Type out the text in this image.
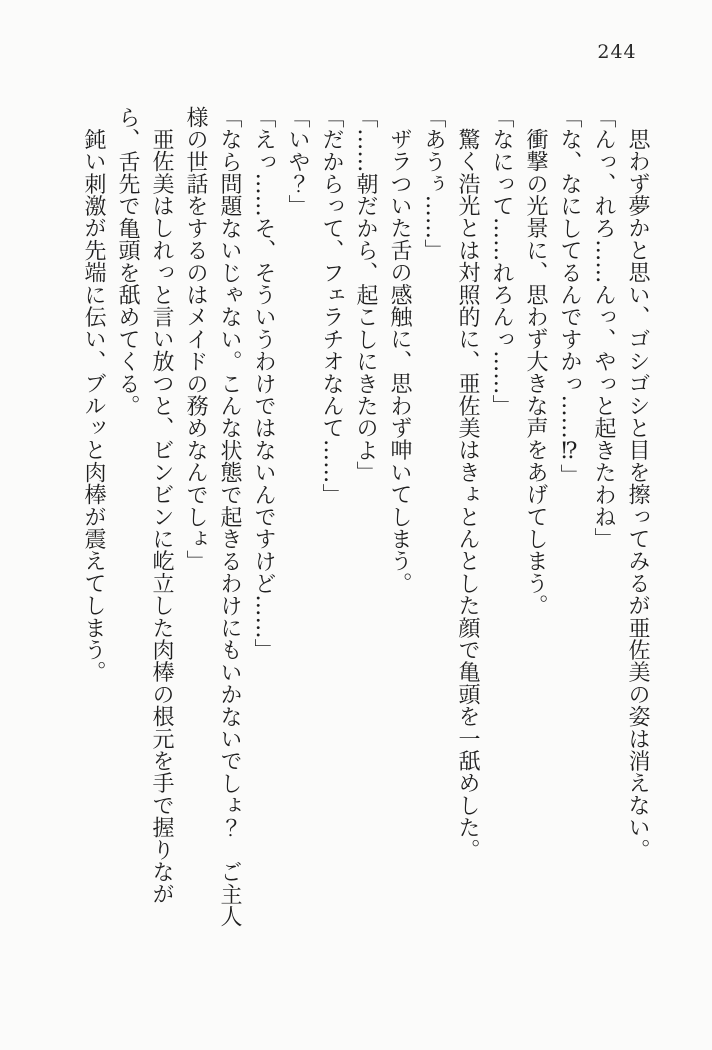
244

思わず夢かと思い、ゴシゴシと目を擦ってみるが亜佐美の姿は消えない。

「んっ、れろ……んっ、やっと起きたわね」

「な、なにしてるんですかっ……⁉」

衝撃の光景に、思わず大きな声をあげてしまう。

「なにって……れろんっ……」

驚く浩光とは対照的に、亜佐美はきょとんとした顔で亀頭を一舐めした。

「あうぅ……」

ザラついた舌の感触に、思わず呻いてしまう。

「……朝だから、起こしにきたのよ」

「だからって、フェラチオなんて……」

「いや？」

「えっ……そ、そういうわけではないんですけど……」

「なら問題ないじゃない。こんな状態で起きるわけにもいかないでしょ？　ご主人様の世話をするのはメイドの務めなんでしょ」

亜佐美はしれっと言い放つと、ビンビンに屹立した肉棒の根元を手で握りながら、舌先で亀頭を舐めてくる。

鈍い刺激が先端に伝い、ブルッと肉棒が震えてしまう。
